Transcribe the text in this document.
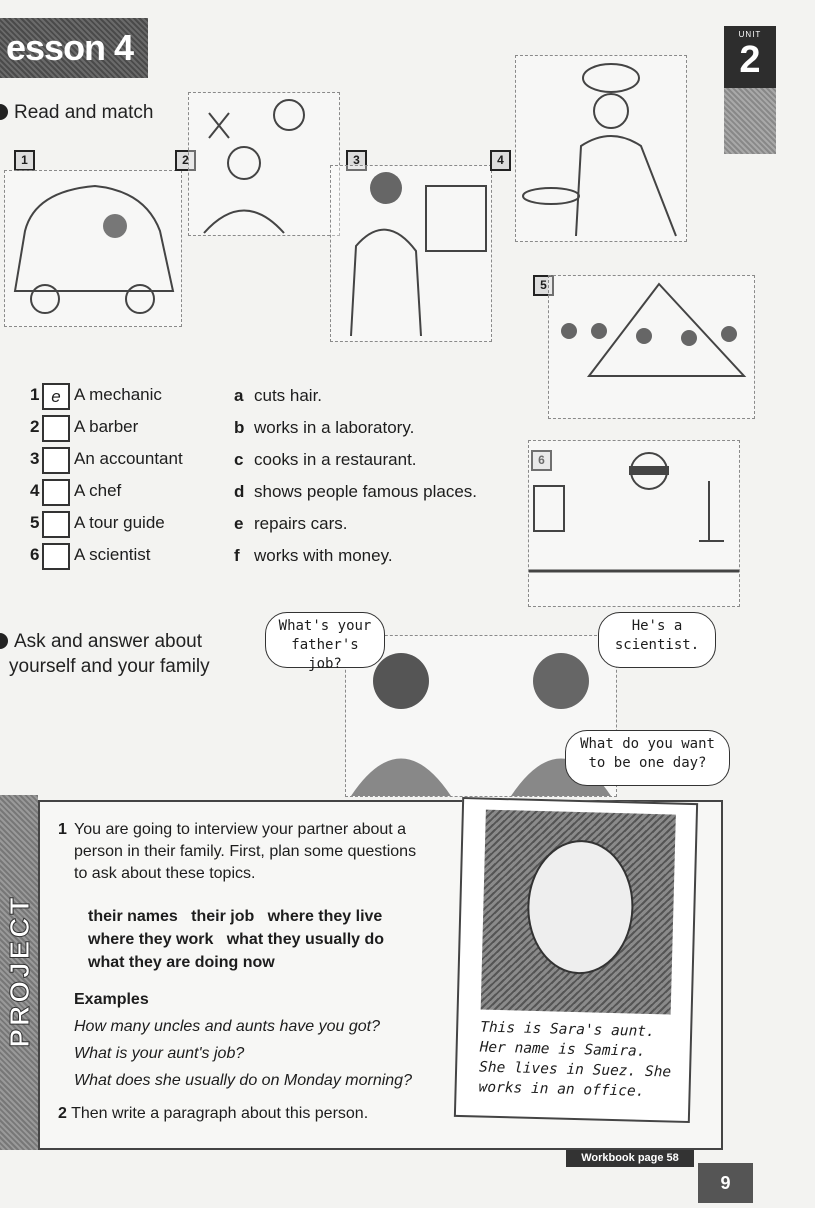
esson 4	UNIT
2
Read and match
1	2	3	4
5
6
1 e A mechanic
2 A barber
3 An accountant
4 A chef
5 A tour guide
6 A scientist
a cuts hair.
b works in a laboratory.
c cooks in a restaurant.
d shows people famous places.
e repairs cars.
f works with money.
Ask and answer about
yourself and your family
What's your
father's job?
He's a
scientist.
What do you want
to be one day?
PROJECT
1 You are going to interview your partner about a
person in their family. First, plan some questions
to ask about these topics.
their names   their job   where they live
where they work   what they usually do
what they are doing now
Examples
How many uncles and aunts have you got?
What is your aunt's job?
What does she usually do on Monday morning?
2 Then write a paragraph about this person.
This is Sara's aunt.
Her name is Samira.
She lives in Suez. She
works in an office.
Workbook page 58
9
